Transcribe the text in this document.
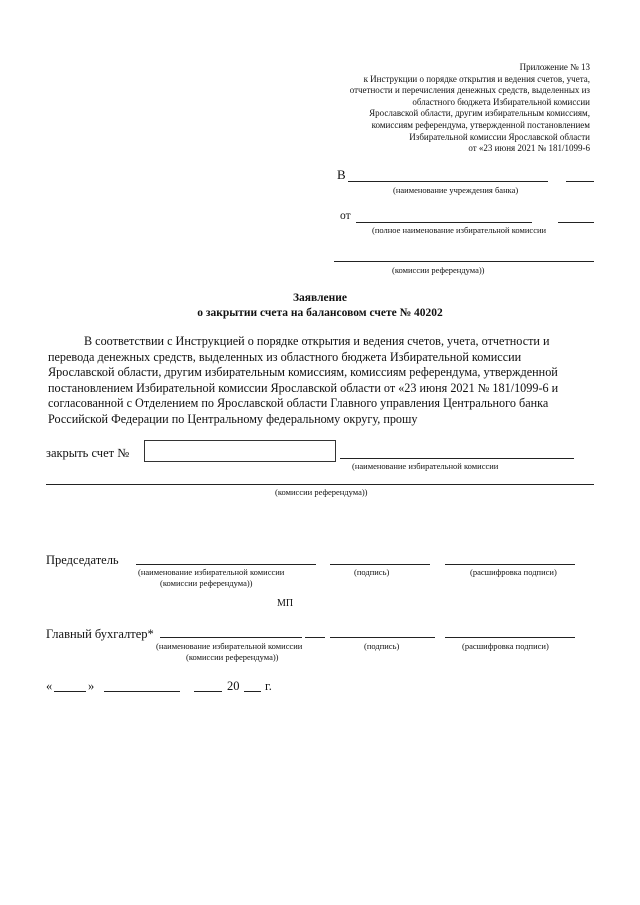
Приложение № 13
к Инструкции о порядке открытия и ведения счетов, учета,
отчетности и перечисления денежных средств, выделенных из
областного бюджета Избирательной комиссии
Ярославской области, другим избирательным комиссиям,
комиссиям референдума, утвержденной постановлением
Избирательной комиссии Ярославской области
от «23 июня 2021 № 181/1099-6
В
(наименование учреждения банка)
от
(полное наименование избирательной комиссии
(комиссии референдума))
Заявление
о закрытии счета на балансовом счете № 40202
В соответствии с Инструкцией о порядке открытия и ведения счетов, учета, отчетности и
перевода денежных средств, выделенных из областного бюджета Избирательной комиссии
Ярославской области, другим избирательным комиссиям, комиссиям референдума, утвержденной
постановлением Избирательной комиссии Ярославской области от «23 июня 2021 № 181/1099-6 и
согласованной с Отделением по Ярославской области Главного управления Центрального банка
Российской Федерации по Центральному федеральному округу, прошу
закрыть счет №
(наименование избирательной комиссии
(комиссии референдума))
Председатель
(наименование избирательной комиссии
(комиссии референдума))
(подпись)	(расшифровка подписи)
МП
Главный бухгалтер*
(наименование избирательной комиссии
(комиссии референдума))
(подпись)	(расшифровка подписи)
«	»	20 г.
